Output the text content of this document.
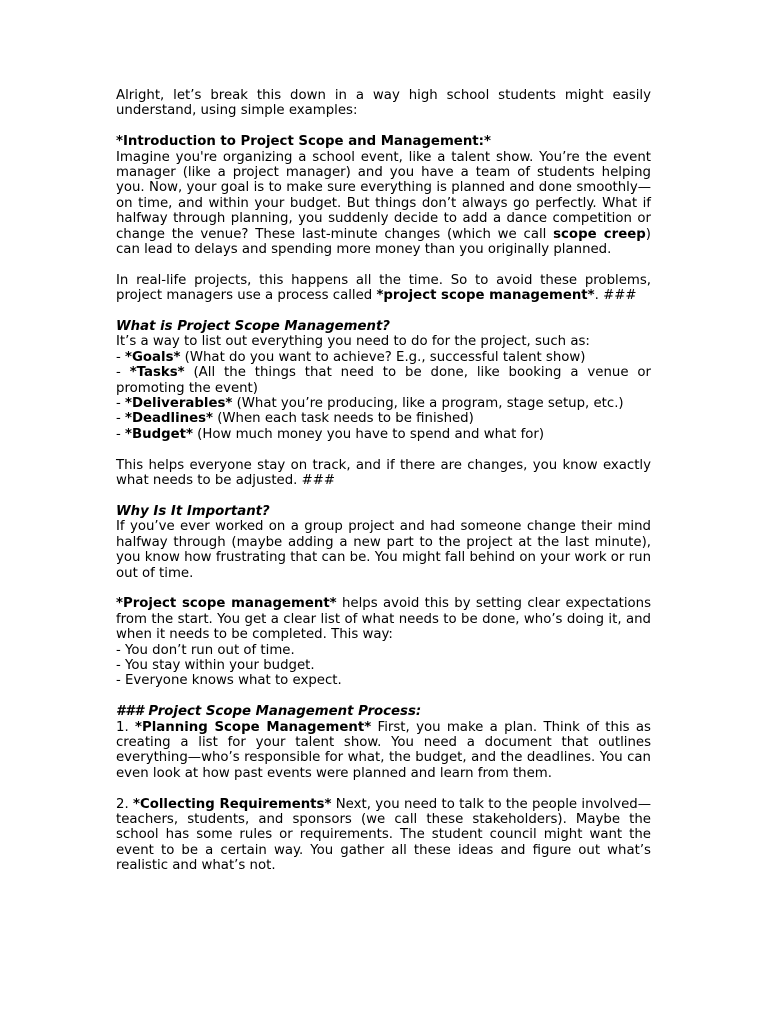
Alright, let’s break this down in a way high school students might easily understand, using simple examples:

*Introduction to Project Scope and Management:*

Imagine you're organizing a school event, like a talent show. You’re the event manager (like a project manager) and you have a team of students helping you. Now, your goal is to make sure everything is planned and done smoothly—on time, and within your budget. But things don’t always go perfectly. What if halfway through planning, you suddenly decide to add a dance competition or change the venue? These last-minute changes (which we call scope creep) can lead to delays and spending more money than you originally planned.

In real-life projects, this happens all the time. So to avoid these problems, project managers use a process called *project scope management*. ###

What is Project Scope Management?

It’s a way to list out everything you need to do for the project, such as:

- *Goals* (What do you want to achieve? E.g., successful talent show)

- *Tasks* (All the things that need to be done, like booking a venue or promoting the event)

- *Deliverables* (What you’re producing, like a program, stage setup, etc.)

- *Deadlines* (When each task needs to be finished)

- *Budget* (How much money you have to spend and what for)

This helps everyone stay on track, and if there are changes, you know exactly what needs to be adjusted. ###

Why Is It Important?

If you’ve ever worked on a group project and had someone change their mind halfway through (maybe adding a new part to the project at the last minute), you know how frustrating that can be. You might fall behind on your work or run out of time.

*Project scope management* helps avoid this by setting clear expectations from the start. You get a clear list of what needs to be done, who’s doing it, and when it needs to be completed. This way:

- You don’t run out of time.

- You stay within your budget.

- Everyone knows what to expect.

### Project Scope Management Process:

1. *Planning Scope Management* First, you make a plan. Think of this as creating a list for your talent show. You need a document that outlines everything—who’s responsible for what, the budget, and the deadlines. You can even look at how past events were planned and learn from them.

2. *Collecting Requirements* Next, you need to talk to the people involved—teachers, students, and sponsors (we call these stakeholders). Maybe the school has some rules or requirements. The student council might want the event to be a certain way. You gather all these ideas and figure out what’s realistic and what’s not.
